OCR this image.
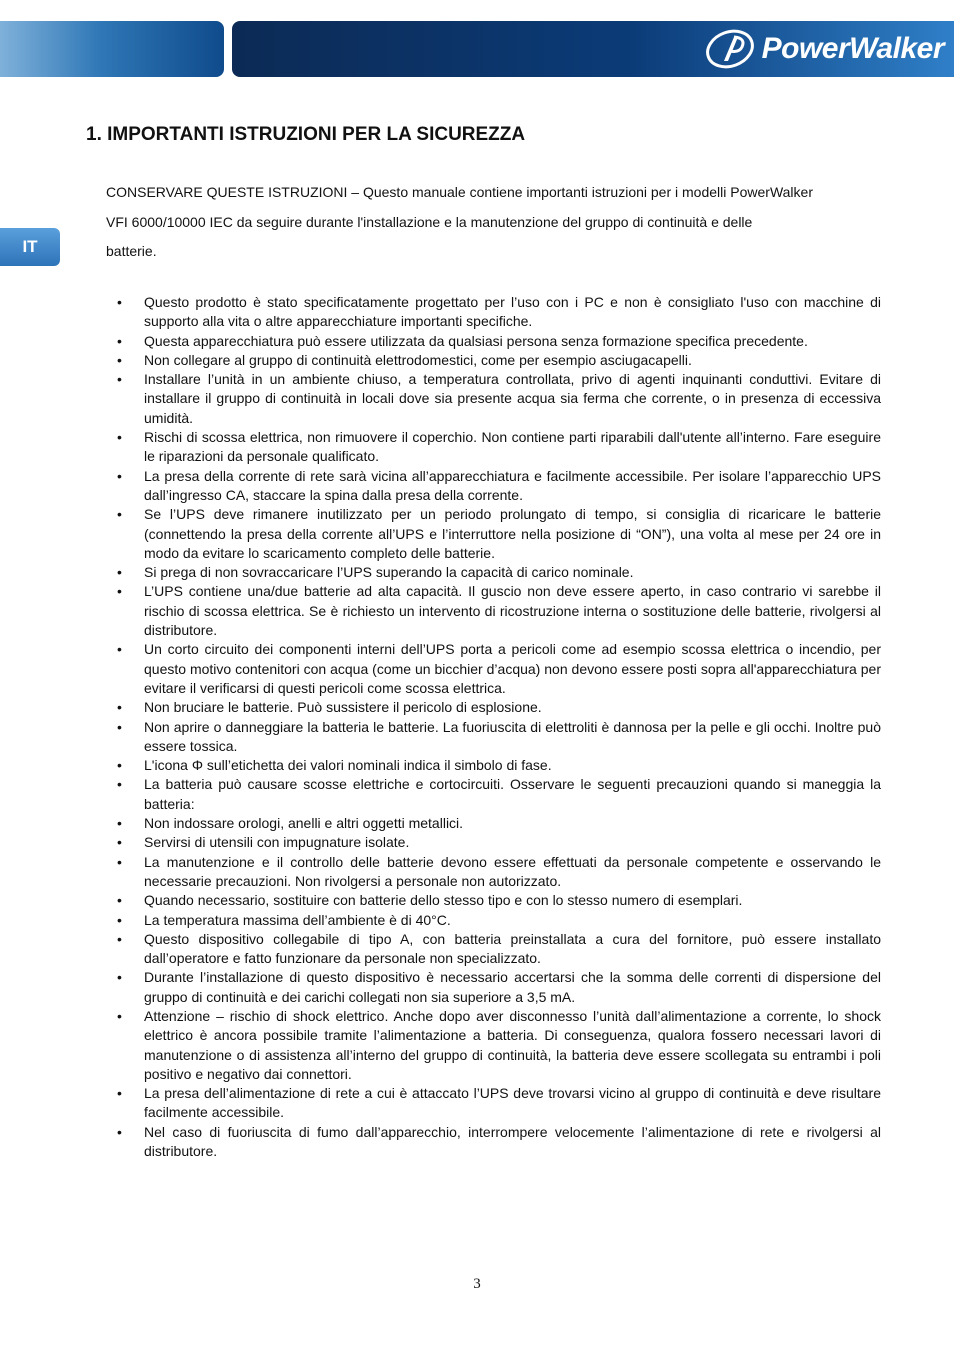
PowerWalker
IT
1. IMPORTANTI ISTRUZIONI PER LA SICUREZZA
CONSERVARE QUESTE ISTRUZIONI – Questo manuale contiene importanti istruzioni per i modelli PowerWalker
VFI 6000/10000 IEC da seguire durante l'installazione e la manutenzione del gruppo di continuità e delle
batterie.
• Questo prodotto è stato specificatamente progettato per l’uso con i PC e non è consigliato l'uso con macchine di supporto alla vita o altre apparecchiature importanti specifiche.
• Questa apparecchiatura può essere utilizzata da qualsiasi persona senza formazione specifica precedente.
• Non collegare al gruppo di continuità elettrodomestici, come per esempio asciugacapelli.
• Installare l’unità in un ambiente chiuso, a temperatura controllata, privo di agenti inquinanti conduttivi. Evitare di installare il gruppo di continuità in locali dove sia presente acqua sia ferma che corrente, o in presenza di eccessiva umidità.
• Rischi di scossa elettrica, non rimuovere il coperchio. Non contiene parti riparabili dall'utente all’interno. Fare eseguire le riparazioni da personale qualificato.
• La presa della corrente di rete sarà vicina all’apparecchiatura e facilmente accessibile. Per isolare l’apparecchio UPS dall’ingresso CA, staccare la spina dalla presa della corrente.
• Se l’UPS deve rimanere inutilizzato per un periodo prolungato di tempo, si consiglia di ricaricare le batterie (connettendo la presa della corrente all’UPS e l’interruttore nella posizione di “ON”), una volta al mese per 24 ore in modo da evitare lo scaricamento completo delle batterie.
• Si prega di non sovraccaricare l’UPS superando la capacità di carico nominale.
• L’UPS contiene una/due batterie ad alta capacità. Il guscio non deve essere aperto, in caso contrario vi sarebbe il rischio di scossa elettrica. Se è richiesto un intervento di ricostruzione interna o sostituzione delle batterie, rivolgersi al distributore.
• Un corto circuito dei componenti interni dell’UPS porta a pericoli come ad esempio scossa elettrica o incendio, per questo motivo contenitori con acqua (come un bicchier d’acqua) non devono essere posti sopra all'apparecchiatura per evitare il verificarsi di questi pericoli come scossa elettrica.
• Non bruciare le batterie. Può sussistere il pericolo di esplosione.
• Non aprire o danneggiare la batteria le batterie. La fuoriuscita di elettroliti è dannosa per la pelle e gli occhi. Inoltre può essere tossica.
• L'icona Φ sull’etichetta dei valori nominali indica il simbolo di fase.
• La batteria può causare scosse elettriche e cortocircuiti. Osservare le seguenti precauzioni quando si maneggia la batteria:
• Non indossare orologi, anelli e altri oggetti metallici.
• Servirsi di utensili con impugnature isolate.
• La manutenzione e il controllo delle batterie devono essere effettuati da personale competente e osservando le necessarie precauzioni. Non rivolgersi a personale non autorizzato.
• Quando necessario, sostituire con batterie dello stesso tipo e con lo stesso numero di esemplari.
• La temperatura massima dell’ambiente è di 40°C.
• Questo dispositivo collegabile di tipo A, con batteria preinstallata a cura del fornitore, può essere installato dall’operatore e fatto funzionare da personale non specializzato.
• Durante l’installazione di questo dispositivo è necessario accertarsi che la somma delle correnti di dispersione del gruppo di continuità e dei carichi collegati non sia superiore a 3,5 mA.
• Attenzione – rischio di shock elettrico. Anche dopo aver disconnesso l’unità dall’alimentazione a corrente, lo shock elettrico è ancora possibile tramite l’alimentazione a batteria. Di conseguenza, qualora fossero necessari lavori di manutenzione o di assistenza all’interno del gruppo di continuità, la batteria deve essere scollegata su entrambi i poli positivo e negativo dai connettori.
• La presa dell’alimentazione di rete a cui è attaccato l’UPS deve trovarsi vicino al gruppo di continuità e deve risultare facilmente accessibile.
• Nel caso di fuoriuscita di fumo dall’apparecchio, interrompere velocemente l’alimentazione di rete e rivolgersi al distributore.
3
